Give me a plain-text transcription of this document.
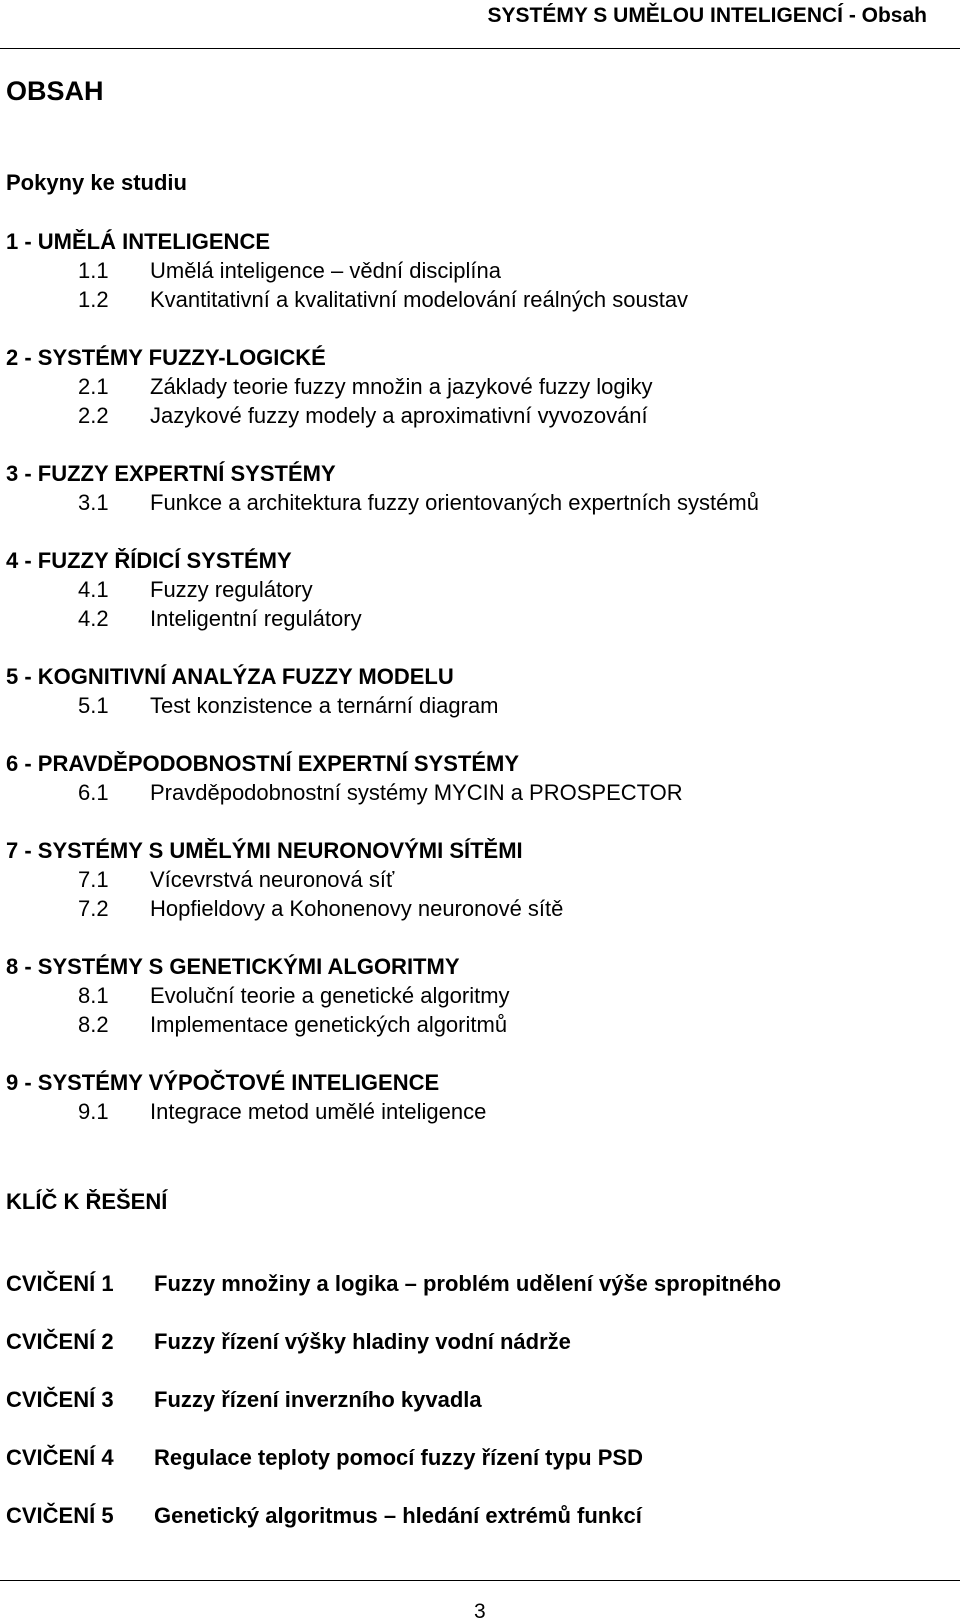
SYSTÉMY S UMĚLOU INTELIGENCÍ - Obsah
OBSAH
Pokyny ke studiu
1 - UMĚLÁ INTELIGENCE
1.1 Umělá inteligence – vědní disciplína
1.2 Kvantitativní a kvalitativní modelování reálných soustav
2 - SYSTÉMY FUZZY-LOGICKÉ
2.1 Základy teorie fuzzy množin a jazykové fuzzy logiky
2.2 Jazykové fuzzy modely a aproximativní vyvozování
3 - FUZZY EXPERTNÍ SYSTÉMY
3.1 Funkce a architektura fuzzy orientovaných expertních systémů
4 - FUZZY ŘÍDICÍ SYSTÉMY
4.1 Fuzzy regulátory
4.2 Inteligentní regulátory
5 - KOGNITIVNÍ ANALÝZA FUZZY MODELU
5.1 Test konzistence a ternární diagram
6 - PRAVDĚPODOBNOSTNÍ EXPERTNÍ SYSTÉMY
6.1 Pravděpodobnostní systémy MYCIN a PROSPECTOR
7 - SYSTÉMY S UMĚLÝMI NEURONOVÝMI SÍTĚMI
7.1 Vícevrstvá neuronová síť
7.2 Hopfieldovy a Kohonenovy neuronové sítě
8 - SYSTÉMY S GENETICKÝMI ALGORITMY
8.1 Evoluční teorie a genetické algoritmy
8.2 Implementace genetických algoritmů
9 - SYSTÉMY VÝPOČTOVÉ INTELIGENCE
9.1 Integrace metod umělé inteligence
KLÍČ K ŘEŠENÍ
CVIČENÍ 1 Fuzzy množiny a logika – problém udělení výše spropitného
CVIČENÍ 2 Fuzzy řízení výšky hladiny vodní nádrže
CVIČENÍ 3 Fuzzy řízení inverzního kyvadla
CVIČENÍ 4 Regulace teploty pomocí fuzzy řízení typu PSD
CVIČENÍ 5 Genetický algoritmus – hledání extrémů funkcí
3
